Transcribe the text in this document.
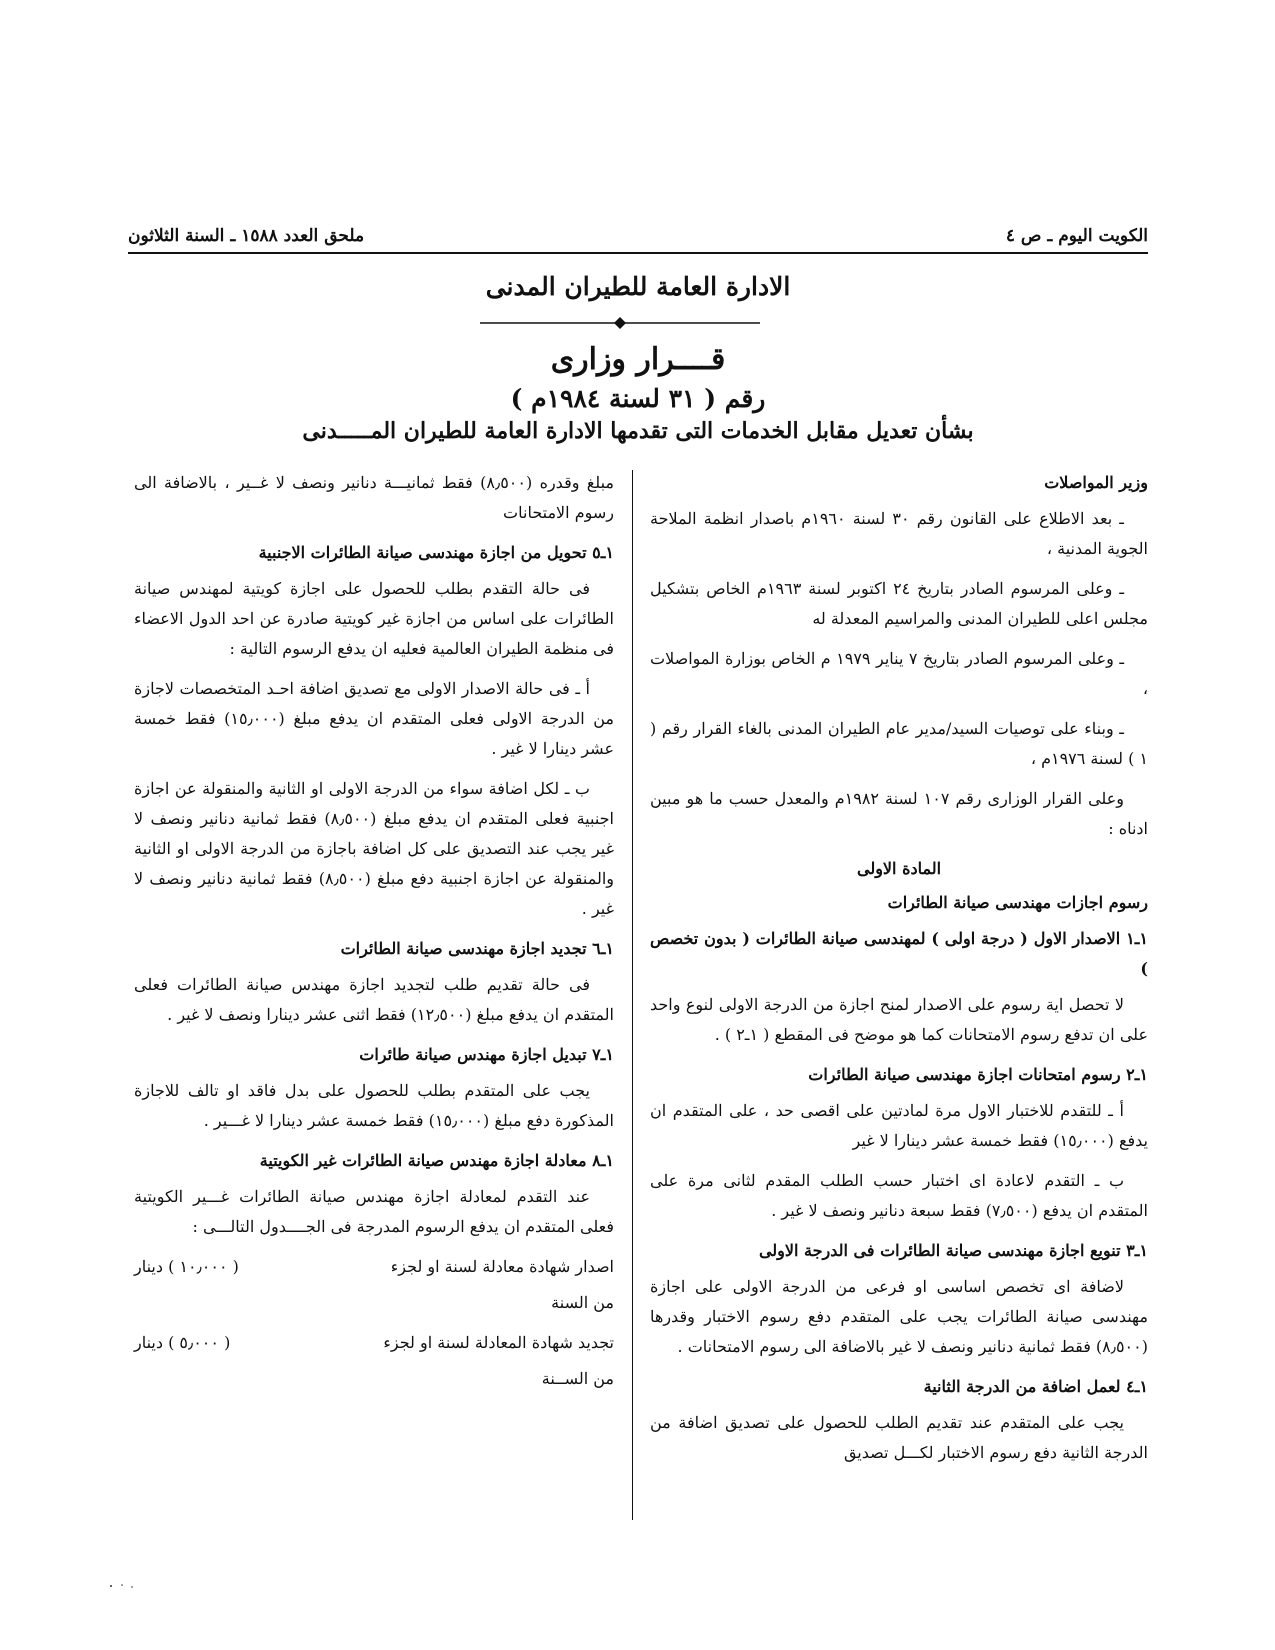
الكويت اليوم ـ ص ٤
ملحق العدد ١٥٨٨ ـ السنة الثلاثون
الادارة العامة للطيران المدنى
قــــرار وزارى
رقم ( ٣١ لسنة ١٩٨٤م )
بشأن تعديل مقابل الخدمات التى تقدمها الادارة العامة للطيران المـــــدنى

وزير المواصلات

ـ بعد الاطلاع على القانون رقم ٣٠ لسنة ١٩٦٠م باصدار انظمة الملاحة الجوية المدنية ،

ـ وعلى المرسوم الصادر بتاريخ ٢٤ اكتوبر لسنة ١٩٦٣م الخاص بتشكيل مجلس اعلى للطيران المدنى والمراسيم المعدلة له

ـ وعلى المرسوم الصادر بتاريخ ٧ يناير ١٩٧٩ م الخاص بوزارة المواصلات ،

ـ وبناء على توصيات السيد/مدير عام الطيران المدنى بالغاء القرار رقم ( ١ ) لسنة ١٩٧٦م ،

وعلى القرار الوزارى رقم ١٠٧ لسنة ١٩٨٢م والمعدل حسب ما هو مبين ادناه :

المادة الاولى

رسوم اجازات مهندسى صيانة الطائرات

١ـ١ الاصدار الاول ( درجة اولى ) لمهندسى صيانة الطائرات ( بدون تخصص )

لا تحصل اية رسوم على الاصدار لمنح اجازة من الدرجة الاولى لنوع واحد على ان تدفع رسوم الامتحانات كما هو موضح فى المقطع ( ١ـ٢ ) .

١ـ٢ رسوم امتحانات اجازة مهندسى صيانة الطائرات

أ ـ للتقدم للاختبار الاول مرة لمادتين على اقصى حد ، على المتقدم ان يدفع (١٥٫٠٠٠) فقط خمسة عشر دينارا لا غير

ب ـ التقدم لاعادة اى اختبار حسب الطلب المقدم لثانى مرة على المتقدم ان يدفع (٧٫٥٠٠) فقط سبعة دنانير ونصف لا غير .

١ـ٣ تنويع اجازة مهندسى صيانة الطائرات فى الدرجة الاولى

لاضافة اى تخصص اساسى او فرعى من الدرجة الاولى على اجازة مهندسى صيانة الطائرات يجب على المتقدم دفع رسوم الاختبار وقدرها (٨٫٥٠٠) فقط ثمانية دنانير ونصف لا غير بالاضافة الى رسوم الامتحانات .

١ـ٤ لعمل اضافة من الدرجة الثانية

يجب على المتقدم عند تقديم الطلب للحصول على تصديق اضافة من الدرجة الثانية دفع رسوم الاختبار لكـــل تصديق

مبلغ وقدره (٨٫٥٠٠) فقط ثمانيـــة دنانير ونصف لا غــير ، بالاضافة الى رسوم الامتحانات

١ـ٥ تحويل من اجازة مهندسى صيانة الطائرات الاجنبية

فى حالة التقدم بطلب للحصول على اجازة كويتية لمهندس صيانة الطائرات على اساس من اجازة غير كويتية صادرة عن احد الدول الاعضاء فى منظمة الطيران العالمية فعليه ان يدفع الرسوم التالية :

أ ـ فى حالة الاصدار الاولى مع تصديق اضافة احـد المتخصصات لاجازة من الدرجة الاولى فعلى المتقدم ان يدفع مبلغ (١٥٫٠٠٠) فقط خمسة عشر دينارا لا غير .

ب ـ لكل اضافة سواء من الدرجة الاولى او الثانية والمنقولة عن اجازة اجنبية فعلى المتقدم ان يدفع مبلغ (٨٫٥٠٠) فقط ثمانية دنانير ونصف لا غير يجب عند التصديق على كل اضافة باجازة من الدرجة الاولى او الثانية والمنقولة عن اجازة اجنبية دفع مبلغ (٨٫٥٠٠) فقط ثمانية دنانير ونصف لا غير .

١ـ٦ تجديد اجازة مهندسى صيانة الطائرات

فى حالة تقديم طلب لتجديد اجازة مهندس صيانة الطائرات فعلى المتقدم ان يدفع مبلغ (١٢٫٥٠٠) فقط اثنى عشر دينارا ونصف لا غير .

١ـ٧ تبديل اجازة مهندس صيانة طائرات

يجب على المتقدم بطلب للحصول على بدل فاقد او تالف للاجازة المذكورة دفع مبلغ (١٥٫٠٠٠) فقط خمسة عشر دينارا لا غـــير .

١ـ٨ معادلة اجازة مهندس صيانة الطائرات غير الكويتية

عند التقدم لمعادلة اجازة مهندس صيانة الطائرات غـــير الكويتية فعلى المتقدم ان يدفع الرسوم المدرجة فى الجــــدول التالـــى :

اصدار شهادة معادلة لسنة او لجزء
( ١٠٫٠٠٠ ) دينار

من السنة

تجديد شهادة المعادلة لسنة او لجزء
( ٥٫٠٠٠ ) دينار

من الســنة
